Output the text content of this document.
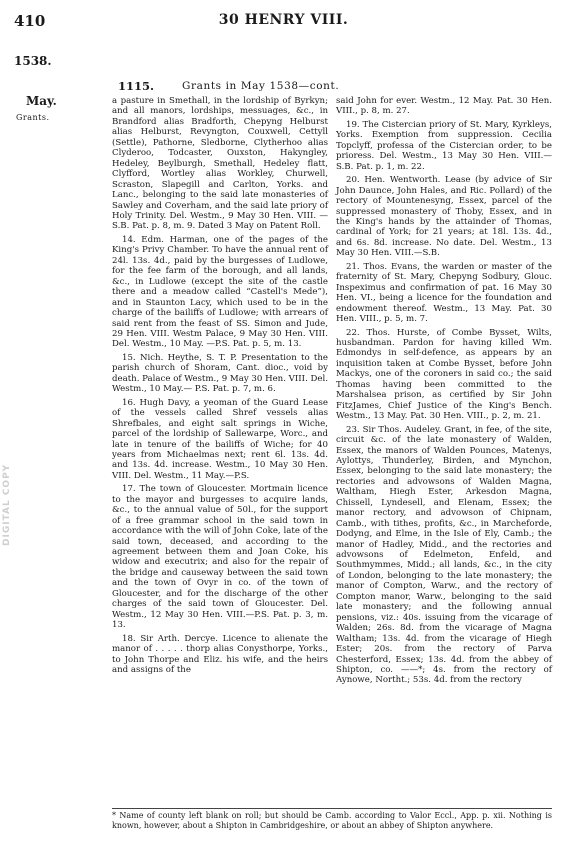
410	30 HENRY VIII.
1538.
May.
Grants.
1115.	Grants in May 1538—cont.

a pasture in Smethall, in the lordship of Byrkyn; and all manors, lordships, messuages, &c., in Brandford alias Bradforth, Chepyng Helburst alias Helburst, Revyngton, Couxwell, Cettyll (Settle), Pathorne, Sledborne, Clytherhoo alias Clyderoo, Todcaster, Ouxston, Hakyngley, Hedeley, Beylburgh, Smethall, Hedeley flatt, Clyfford, Wortley alias Workley, Churwell, Scraston, Slapegill and Carlton, Yorks. and Lanc., belonging to the said late monasteries of Sawley and Coverham, and the said late priory of Holy Trinity. Del. Westm., 9 May 30 Hen. VIII. —S.B. Pat. p. 8, m. 9. Dated 3 May on Patent Roll.

14. Edm. Harman, one of the pages of the King's Privy Chamber. To have the annual rent of 24l. 13s. 4d., paid by the burgesses of Ludlowe, for the fee farm of the borough, and all lands, &c., in Ludlowe (except the site of the castle there and a meadow called “Castell's Mede”), and in Staunton Lacy, which used to be in the charge of the bailiffs of Ludlowe; with arrears of said rent from the feast of SS. Simon and Jude, 29 Hen. VIII. Westm Palace, 9 May 30 Hen. VIII. Del. Westm., 10 May. —P.S. Pat. p. 5, m. 13.

15. Nich. Heythe, S. T. P. Presentation to the parish church of Shoram, Cant. dioc., void by death. Palace of Westm., 9 May 30 Hen. VIII. Del. Westm., 10 May.— P.S. Pat. p. 7, m. 6.

16. Hugh Davy, a yeoman of the Guard Lease of the vessels called Shref vessels alias Shrefbales, and eight salt springs in Wiche, parcel of the lordship of Sallewarpe, Worc., and late in tenure of the bailiffs of Wiche; for 40 years from Michaelmas next; rent 6l. 13s. 4d. and 13s. 4d. increase. Westm., 10 May 30 Hen. VIII. Del. Westm., 11 May.—P.S.

17. The town of Gloucester. Mortmain licence to the mayor and burgesses to acquire lands, &c., to the annual value of 50l., for the support of a free grammar school in the said town in accordance with the will of John Coke, late of the said town, deceased, and according to the agreement between them and Joan Coke, his widow and executrix; and also for the repair of the bridge and causeway between the said town and the town of Ovyr in co. of the town of Gloucester, and for the discharge of the other charges of the said town of Gloucester. Del. Westm., 12 May 30 Hen. VIII.—P.S. Pat. p. 3, m. 13.

18. Sir Arth. Dercye. Licence to alienate the manor of . . . . . thorp alias Conysthorpe, Yorks., to John Thorpe and Eliz. his wife, and the heirs and assigns of the

said John for ever. Westm., 12 May. Pat. 30 Hen. VIII., p. 8, m. 27.

19. The Cistercian priory of St. Mary, Kyrkleys, Yorks. Exemption from suppression. Cecilia Topclyff, professa of the Cistercian order, to be prioress. Del. Westm., 13 May 30 Hen. VIII.—S.B. Pat. p. 1, m. 22.

20. Hen. Wentworth. Lease (by advice of Sir John Daunce, John Hales, and Ric. Pollard) of the rectory of Mountenesyng, Essex, parcel of the suppressed monastery of Thoby, Essex, and in the King's hands by the attainder of Thomas, cardinal of York; for 21 years; at 18l. 13s. 4d., and 6s. 8d. increase. No date. Del. Westm., 13 May 30 Hen. VIII.—S.B.

21. Thos. Evans, the warden or master of the fraternity of St. Mary, Chepyng Sodbury, Glouc. Inspeximus and confirmation of pat. 16 May 30 Hen. VI., being a licence for the foundation and endowment thereof. Westm., 13 May. Pat. 30 Hen. VIII., p. 5, m. 7.

22. Thos. Hurste, of Combe Bysset, Wilts, husbandman. Pardon for having killed Wm. Edmondys in self-defence, as appears by an inquisition taken at Combe Bysset, before John Mackys, one of the coroners in said co.; the said Thomas having been committed to the Marshalsea prison, as certified by Sir John FitzJames, Chief Justice of the King's Bench. Westm., 13 May. Pat. 30 Hen. VIII., p. 2, m. 21.

23. Sir Thos. Audeley. Grant, in fee, of the site, circuit &c. of the late monastery of Walden, Essex, the manors of Walden Pounces, Matenys, Aylottys, Thunderley, Birden, and Mynchon, Essex, belonging to the said late monastery; the rectories and advowsons of Walden Magna, Waltham, Hiegh Ester, Arkesdon Magna, Chissell, Lyndesell, and Elenam, Essex; the manor rectory, and advowson of Chipnam, Camb., with tithes, profits, &c., in Marcheforde, Dodyng, and Elme, in the Isle of Ely, Camb.; the manor of Hadley, Midd., and the rectories and advowsons of Edelmeton, Enfeld, and Southmymmes, Midd.; all lands, &c., in the city of London, belonging to the late monastery; the manor of Compton, Warw., and the rectory of Compton manor, Warw., belonging to the said late monastery; and the following annual pensions, viz.: 40s. issuing from the vicarage of Walden; 26s. 8d. from the vicarage of Magna Waltham; 13s. 4d. from the vicarage of Hiegh Ester; 20s. from the rectory of Parva Chesterford, Essex; 13s. 4d. from the abbey of Shipton, co. ——*; 4s. from the rectory of Aynowe, Northt.; 53s. 4d. from the rectory

* Name of county left blank on roll; but should be Camb. according to Valor Eccl., App. p. xii. Nothing is known, however, about a Shipton in Cambridgeshire, or about an abbey of Shipton anywhere.
DIGITAL COPY
